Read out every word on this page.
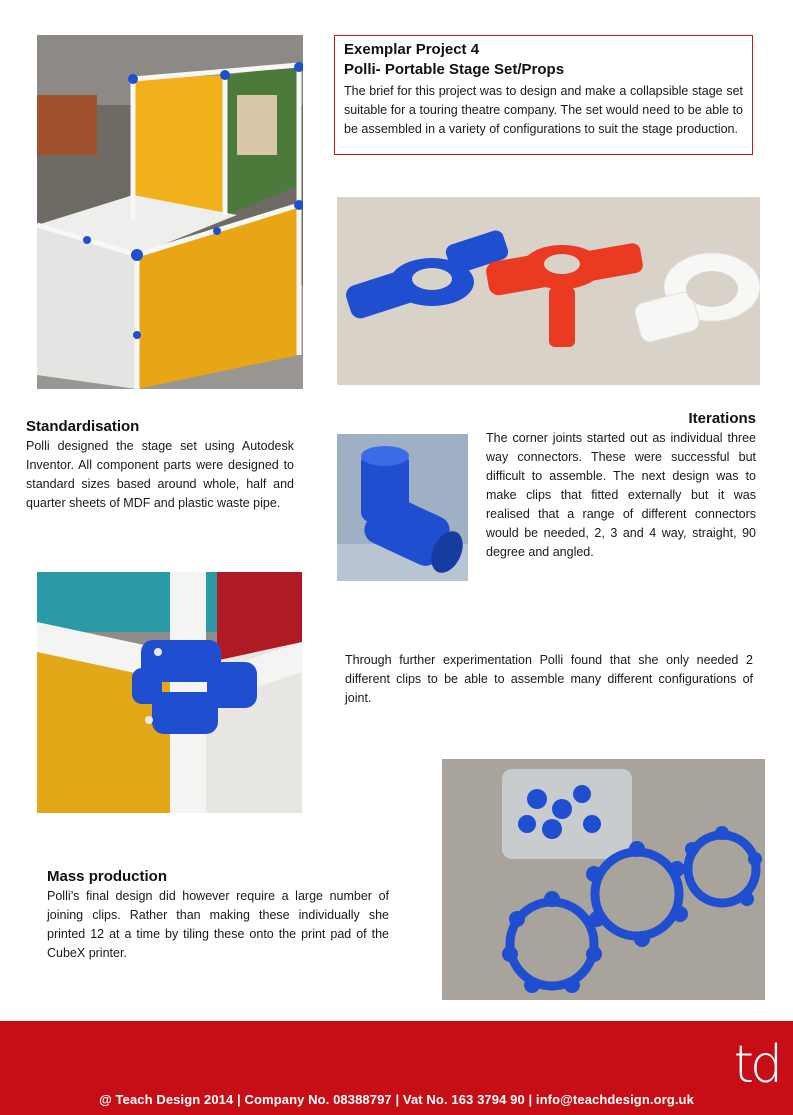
Exemplar Project 4
Polli- Portable Stage Set/Props

The brief for this project was to design and make a collapsible stage set suitable for a touring theatre company. The set would need to be able to be assembled in a variety of configurations to suit the stage production.

Standardisation

Polli designed the stage set using Autodesk Inventor. All component parts were designed to standard sizes based around whole, half and quarter sheets of MDF and plastic waste pipe.

Iterations

The corner joints started out as individual three way connectors. These were successful but difficult to assemble. The next design was to make clips that fitted externally but it was realised that a range of different connectors would be needed, 2, 3 and 4 way, straight, 90 degree and angled.

Through further experimentation Polli found that she only needed 2 different clips to be able to assemble many different configurations of joint.

Mass production

Polli’s final design did however require a large number of joining clips. Rather than making these individually she printed 12 at a time by tiling these onto the print pad of the CubeX printer.

td
@ Teach Design 2014 | Company No. 08388797 | Vat No. 163 3794 90 | info@teachdesign.org.uk
